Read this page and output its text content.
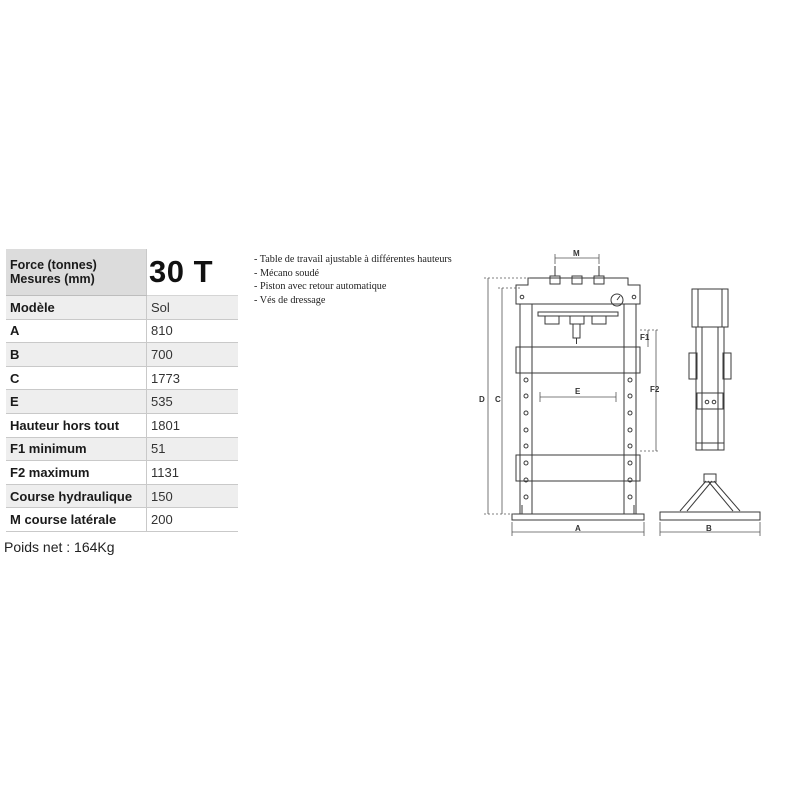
Force (tonnes)
Mesures (mm)	30 T
Modèle	Sol
A	810
B	700
C	1773
E	535
Hauteur hors tout	1801
F1 minimum	51
F2 maximum	1131
Course hydraulique	150
M course latérale	200
Poids net : 164Kg
- Table de travail ajustable à différentes hauteurs
- Mécano soudé
- Piston avec retour automatique
- Vés de dressage
M
D C
E
F1
F2
A	B
